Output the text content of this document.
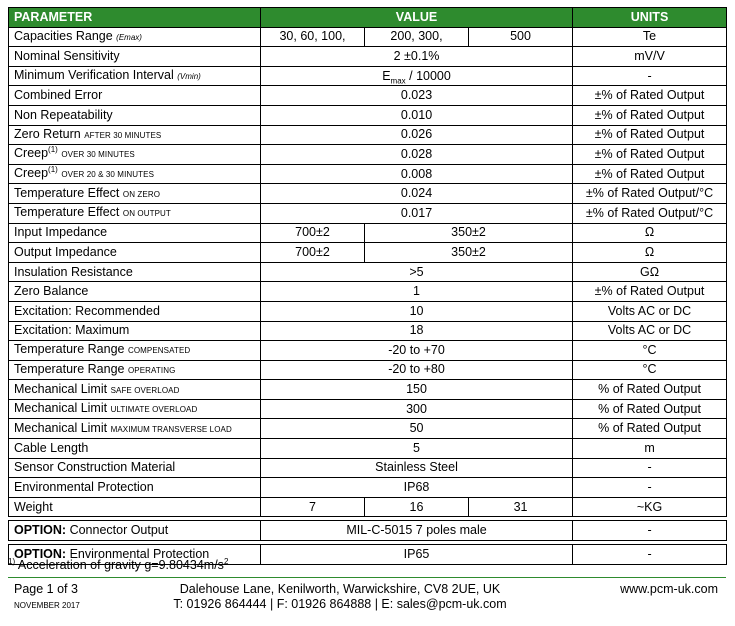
PARAMETER	VALUE			UNITS
Capacities Range (Emax)	30, 60, 100,	200, 300,	500	Te
Nominal Sensitivity	2 ±0.1%			mV/V
Minimum Verification Interval (Vmin)	$E_{max} / 10000$			-
Combined Error	0.023			±% of Rated Output
Non Repeatability	0.010			±% of Rated Output
Zero Return AFTER 30 MINUTES	0.026			±% of Rated Output
Creep$^{(1)}$ OVER 30 MINUTES	0.028			±% of Rated Output
Creep$^{(1)}$ OVER 20 & 30 MINUTES	0.008			±% of Rated Output
Temperature Effect ON ZERO	0.024			±% of Rated Output/°C
Temperature Effect ON OUTPUT	0.017			±% of Rated Output/°C
Input Impedance	700±2	350±2		Ω
Output Impedance	700±2	350±2		Ω
Insulation Resistance	>5			GΩ
Zero Balance	1			±% of Rated Output
Excitation: Recommended	10			Volts AC or DC
Excitation: Maximum	18			Volts AC or DC
Temperature Range COMPENSATED	-20 to +70			°C
Temperature Range OPERATING	-20 to +80			°C
Mechanical Limit SAFE OVERLOAD	150			% of Rated Output
Mechanical Limit ULTIMATE OVERLOAD	300			% of Rated Output
Mechanical Limit MAXIMUM TRANSVERSE LOAD	50			% of Rated Output
Cable Length	5			m
Sensor Construction Material	Stainless Steel			-
Environmental Protection	IP68			-
Weight	7	16	31	~KG

OPTION: Connector Output	MIL-C-5015 7 poles male			-

OPTION: Environmental Protection	IP65			-
$^{1)}$ Acceleration of gravity $g=9.80434m/s^2$
Page 1 of 3
NOVEMBER 2017
Dalehouse Lane, Kenilworth, Warwickshire, CV8 2UE, UK
T: 01926 864444 | F: 01926 864888 | E: sales@pcm-uk.com
www.pcm-uk.com
